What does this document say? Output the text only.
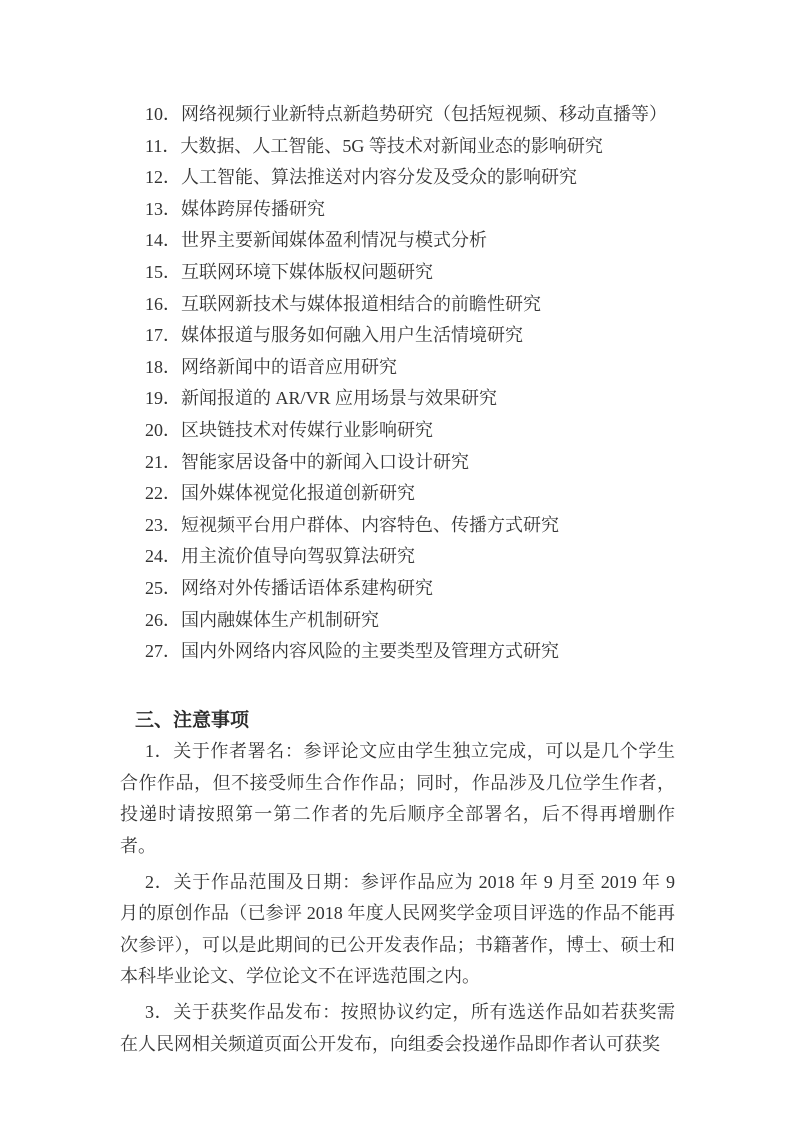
10．网络视频行业新特点新趋势研究（包括短视频、移动直播等）
11．大数据、人工智能、5G 等技术对新闻业态的影响研究
12．人工智能、算法推送对内容分发及受众的影响研究
13．媒体跨屏传播研究
14．世界主要新闻媒体盈利情况与模式分析
15．互联网环境下媒体版权问题研究
16．互联网新技术与媒体报道相结合的前瞻性研究
17．媒体报道与服务如何融入用户生活情境研究
18．网络新闻中的语音应用研究
19．新闻报道的 AR/VR 应用场景与效果研究
20．区块链技术对传媒行业影响研究
21．智能家居设备中的新闻入口设计研究
22．国外媒体视觉化报道创新研究
23．短视频平台用户群体、内容特色、传播方式研究
24．用主流价值导向驾驭算法研究
25．网络对外传播话语体系建构研究
26．国内融媒体生产机制研究
27．国内外网络内容风险的主要类型及管理方式研究
三、注意事项

1．关于作者署名：参评论文应由学生独立完成，可以是几个学生合作作品，但不接受师生合作作品；同时，作品涉及几位学生作者，投递时请按照第一第二作者的先后顺序全部署名，后不得再增删作者。

2．关于作品范围及日期：参评作品应为 2018 年 9 月至 2019 年 9 月的原创作品（已参评 2018 年度人民网奖学金项目评选的作品不能再次参评），可以是此期间的已公开发表作品；书籍著作，博士、硕士和本科毕业论文、学位论文不在评选范围之内。

3．关于获奖作品发布：按照协议约定，所有选送作品如若获奖需在人民网相关频道页面公开发布，向组委会投递作品即作者认可获奖
